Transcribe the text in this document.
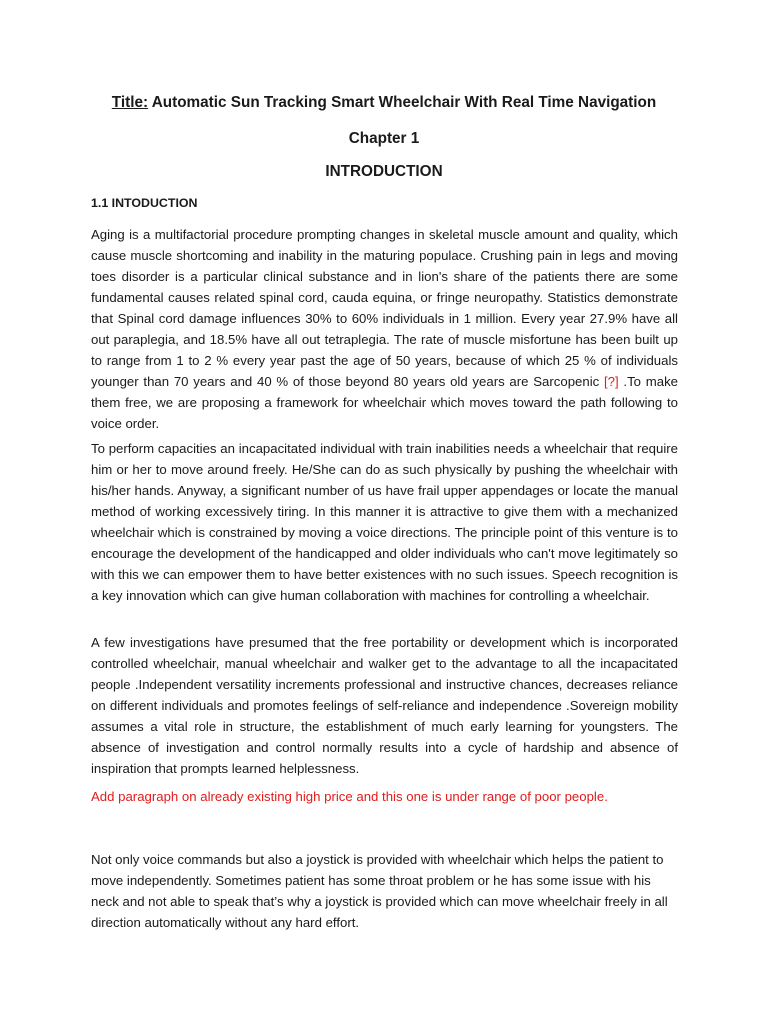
Title: Automatic Sun Tracking Smart Wheelchair With Real Time Navigation
Chapter 1
INTRODUCTION
1.1 INTODUCTION

Aging is a multifactorial procedure prompting changes in skeletal muscle amount and quality, which cause muscle shortcoming and inability in the maturing populace. Crushing pain in legs and moving toes disorder is a particular clinical substance and in lion's share of the patients there are some fundamental causes related spinal cord, cauda equina, or fringe neuropathy. Statistics demonstrate that Spinal cord damage influences 30% to 60% individuals in 1 million. Every year 27.9% have all out paraplegia, and 18.5% have all out tetraplegia. The rate of muscle misfortune has been built up to range from 1 to 2 % every year past the age of 50 years, because of which 25 % of individuals younger than 70 years and 40 % of those beyond 80 years old years are Sarcopenic [?] .To make them free, we are proposing a framework for wheelchair which moves toward the path following to voice order.

To perform capacities an incapacitated individual with train inabilities needs a wheelchair that require him or her to move around freely. He/She can do as such physically by pushing the wheelchair with his/her hands. Anyway, a significant number of us have frail upper appendages or locate the manual method of working excessively tiring. In this manner it is attractive to give them with a mechanized wheelchair which is constrained by moving a voice directions. The principle point of this venture is to encourage the development of the handicapped and older individuals who can't move legitimately so with this we can empower them to have better existences with no such issues. Speech recognition is a key innovation which can give human collaboration with machines for controlling a wheelchair.

A few investigations have presumed that the free portability or development which is incorporated controlled wheelchair, manual wheelchair and walker get to the advantage to all the incapacitated people .Independent versatility increments professional and instructive chances, decreases reliance on different individuals and promotes feelings of self-reliance and independence .Sovereign mobility assumes a vital role in structure, the establishment of much early learning for youngsters. The absence of investigation and control normally results into a cycle of hardship and absence of inspiration that prompts learned helplessness.

Add paragraph on already existing high price and this one is under range of poor people.

Not only voice commands but also a joystick is provided with wheelchair which helps the patient to move independently. Sometimes patient has some throat problem or he has some issue with his neck and not able to speak that’s why a joystick is provided which can move wheelchair freely in all direction automatically without any hard effort.
